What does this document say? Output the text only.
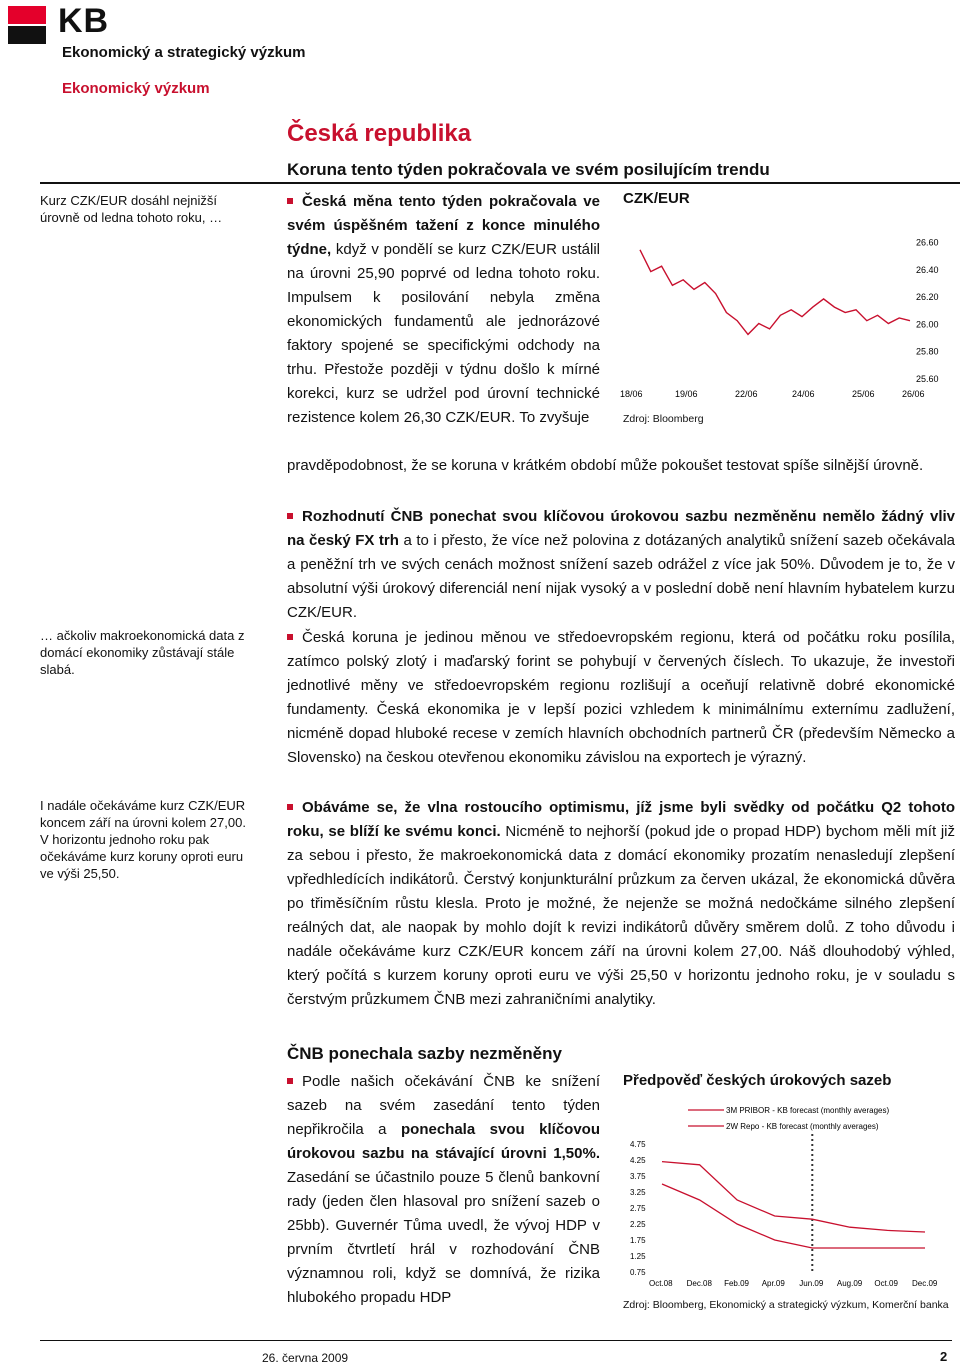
KB
Ekonomický a strategický výzkum
Ekonomický výzkum
Česká republika
Koruna tento týden pokračovala ve svém posilujícím trendu
Kurz CZK/EUR dosáhl nejnižší úrovně od ledna tohoto roku, …
… ačkoliv makroekonomická data z domácí ekonomiky zůstávají stále slabá.
I nadále očekáváme kurz CZK/EUR koncem září na úrovni kolem 27,00. V horizontu jednoho roku pak očekáváme kurz koruny oproti euru ve výši 25,50.
Česká měna tento týden pokračovala ve svém úspěšném tažení z konce minulého týdne, když v pondělí se kurz CZK/EUR ustálil na úrovni 25,90 poprvé od ledna tohoto roku. Impulsem k posilování nebyla změna ekonomických fundamentů ale jednorázové faktory spojené se specifickými odchody na trhu. Přestože později v týdnu došlo k mírné korekci, kurz se udržel pod úrovní technické rezistence kolem 26,30 CZK/EUR. To zvyšuje
pravděpodobnost, že se koruna v krátkém období může pokoušet testovat spíše silnější úrovně.
CZK/EUR
26.60
26.40
26.20
26.00
25.80
25.60
18/06	19/06	22/06	24/06	25/06	26/06
Zdroj: Bloomberg
Rozhodnutí ČNB ponechat svou klíčovou úrokovou sazbu nezměněnu nemělo žádný vliv na český FX trh a to i přesto, že více než polovina z dotázaných analytiků snížení sazeb očekávala a peněžní trh ve svých cenách možnost snížení sazeb odrážel z více jak 50%. Důvodem je to, že v absolutní výši úrokový diferenciál není nijak vysoký a v poslední době není hlavním hybatelem kurzu CZK/EUR.
Česká koruna je jedinou měnou ve středoevropském regionu, která od počátku roku posílila, zatímco polský zlotý i maďarský forint se pohybují v červených číslech. To ukazuje, že investoři jednotlivé měny ve středoevropském regionu rozlišují a oceňují relativně dobré ekonomické fundamenty. Česká ekonomika je v lepší pozici vzhledem k minimálnímu externímu zadlužení, nicméně dopad hluboké recese v zemích hlavních obchodních partnerů ČR (především Německo a Slovensko) na českou otevřenou ekonomiku závislou na exportech je výrazný.
Obáváme se, že vlna rostoucího optimismu, jíž jsme byli svědky od počátku Q2 tohoto roku, se blíží ke svému konci. Nicméně to nejhorší (pokud jde o propad HDP) bychom měli mít již za sebou i přesto, že makroekonomická data z domácí ekonomiky prozatím nenasledují zlepšení vpředhledících indikátorů. Čerstvý konjunkturální průzkum za červen ukázal, že ekonomická důvěra po třiměsíčním růstu klesla. Proto je možné, že nejenže se možná nedočkáme silného zlepšení reálných dat, ale naopak by mohlo dojít k revizi indikátorů důvěry směrem dolů. Z toho důvodu i nadále očekáváme kurz CZK/EUR koncem září na úrovni kolem 27,00. Náš dlouhodobý výhled, který počítá s kurzem koruny oproti euru ve výši 25,50 v horizontu jednoho roku, je v souladu s čerstvým průzkumem ČNB mezi zahraničními analytiky.
ČNB ponechala sazby nezměněny
Podle našich očekávání ČNB ke snížení sazeb na svém zasedání tento týden nepřikročila a ponechala svou klíčovou úrokovou sazbu na stávající úrovni 1,50%. Zasedání se účastnilo pouze 5 členů bankovní rady (jeden člen hlasoval pro snížení sazeb o 25bb). Guvernér Tůma uvedl, že vývoj HDP v prvním čtvrtletí hrál v rozhodování ČNB významnou roli, když se domnívá, že rizika hlubokého propadu HDP
Předpověď českých úrokových sazeb
3M PRIBOR - KB forecast (monthly averages)
2W Repo - KB forecast (monthly averages)
4.75
4.25
3.75
3.25
2.75
2.25
1.75
1.25
0.75
Oct.08 Dec.08 Feb.09 Apr.09 Jun.09 Aug.09 Oct.09 Dec.09
Zdroj: Bloomberg, Ekonomický a strategický výzkum, Komerční banka
26. června 2009	2
